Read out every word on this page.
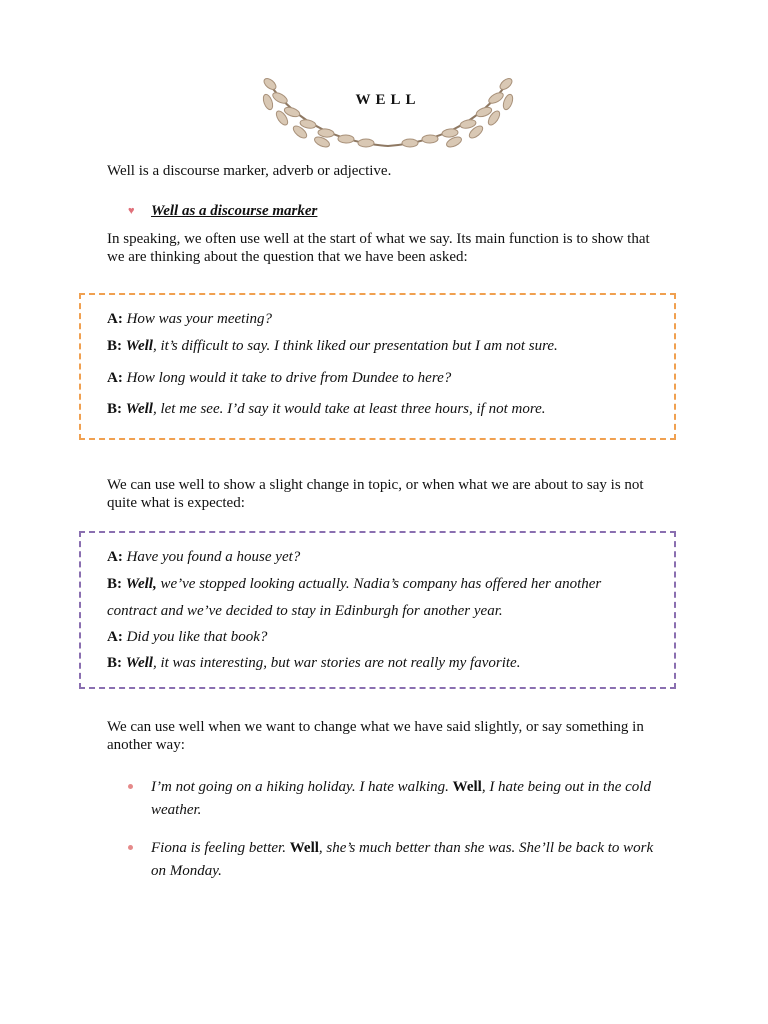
WELL

Well is a discourse marker, adverb or adjective.

♥ Well as a discourse marker

In speaking, we often use well at the start of what we say. Its main function is to show that

we are thinking about the question that we have been asked:

A: How was your meeting?
B: Well, it’s difficult to say. I think liked our presentation but I am not sure.
A: How long would it take to drive from Dundee to here?
B: Well, let me see. I’d say it would take at least three hours, if not more.

We can use well to show a slight change in topic, or when what we are about to say is not

quite what is expected:

A: Have you found a house yet?
B: Well, we’ve stopped looking actually. Nadia’s company has offered her another
contract and we’ve decided to stay in Edinburgh for another year.
A: Did you like that book?
B: Well, it was interesting, but war stories are not really my favorite.

We can use well when we want to change what we have said slightly, or say something in

another way:

I’m not going on a hiking holiday. I hate walking. Well, I hate being out in the cold
weather.
Fiona is feeling better. Well, she’s much better than she was. She’ll be back to work
on Monday.
